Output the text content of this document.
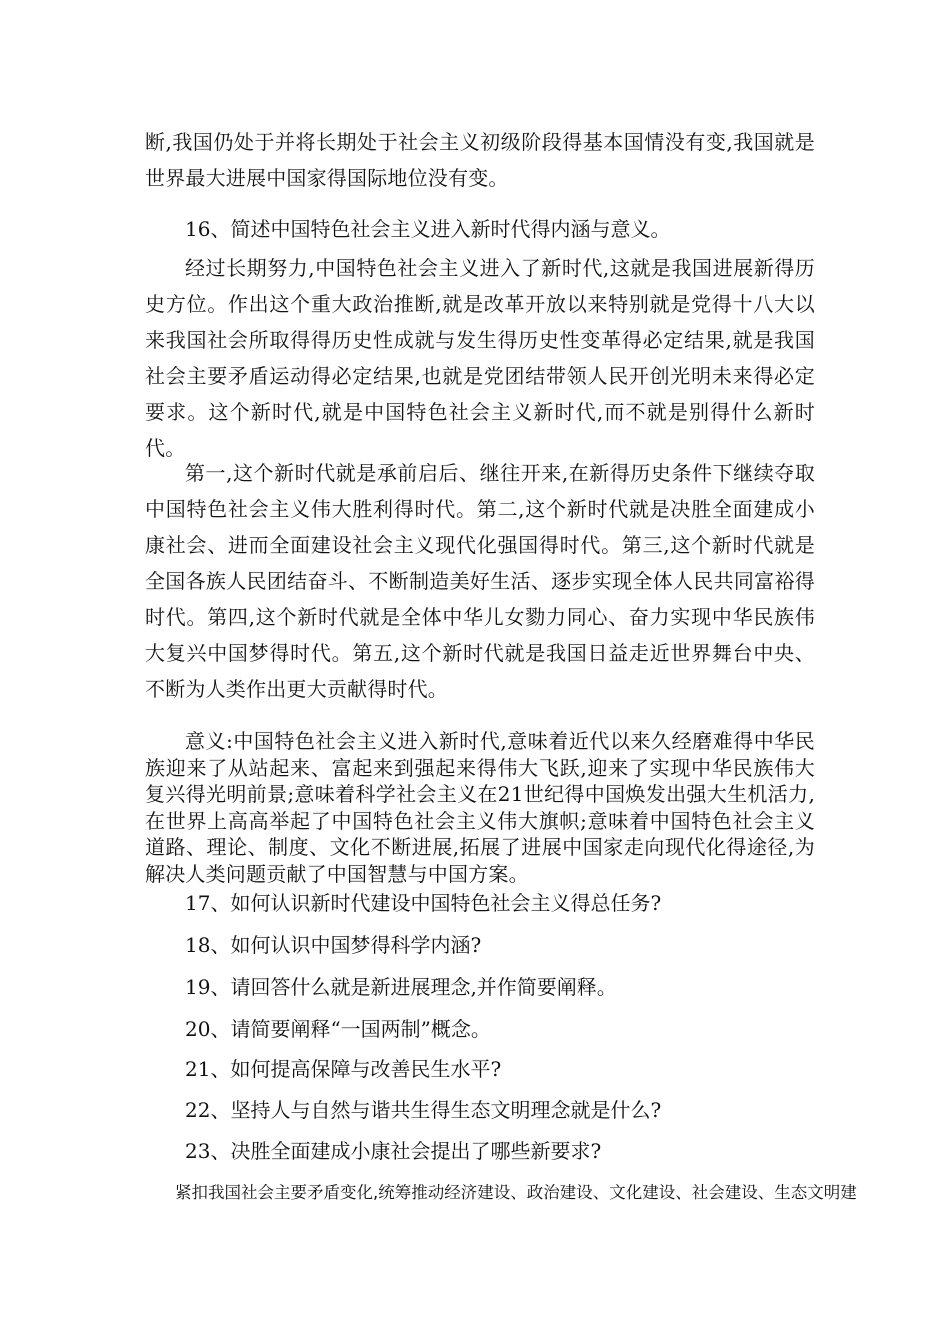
断,我国仍处于并将长期处于社会主义初级阶段得基本国情没有变,我国就是世界最大进展中国家得国际地位没有变。

16、简述中国特色社会主义进入新时代得内涵与意义。

经过长期努力,中国特色社会主义进入了新时代,这就是我国进展新得历史方位。作出这个重大政治推断,就是改革开放以来特别就是党得十八大以来我国社会所取得得历史性成就与发生得历史性变革得必定结果,就是我国社会主要矛盾运动得必定结果,也就是党团结带领人民开创光明未来得必定要求。这个新时代,就是中国特色社会主义新时代,而不就是别得什么新时代。

第一,这个新时代就是承前启后、继往开来,在新得历史条件下继续夺取中国特色社会主义伟大胜利得时代。第二,这个新时代就是决胜全面建成小康社会、进而全面建设社会主义现代化强国得时代。第三,这个新时代就是全国各族人民团结奋斗、不断制造美好生活、逐步实现全体人民共同富裕得时代。第四,这个新时代就是全体中华儿女勠力同心、奋力实现中华民族伟大复兴中国梦得时代。第五,这个新时代就是我国日益走近世界舞台中央、不断为人类作出更大贡献得时代。

意义:中国特色社会主义进入新时代,意味着近代以来久经磨难得中华民族迎来了从站起来、富起来到强起来得伟大飞跃,迎来了实现中华民族伟大复兴得光明前景;意味着科学社会主义在21世纪得中国焕发出强大生机活力,在世界上高高举起了中国特色社会主义伟大旗帜;意味着中国特色社会主义道路、理论、制度、文化不断进展,拓展了进展中国家走向现代化得途径,为解决人类问题贡献了中国智慧与中国方案。

17、如何认识新时代建设中国特色社会主义得总任务?

18、如何认识中国梦得科学内涵?

19、请回答什么就是新进展理念,并作简要阐释。

20、请简要阐释“一国两制”概念。

21、如何提高保障与改善民生水平?

22、坚持人与自然与谐共生得生态文明理念就是什么?

23、决胜全面建成小康社会提出了哪些新要求?

紧扣我国社会主要矛盾变化,统筹推动经济建设、政治建设、文化建设、社会建设、生态文明建
